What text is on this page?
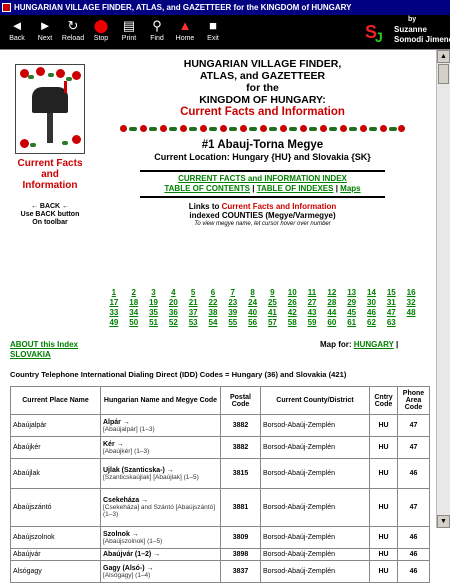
HUNGARIAN VILLAGE FINDER, ATLAS, and GAZETTEER for the KINGDOM of HUNGARY
◄
Back
►
Next
↻
Reload
⬤
Stop
▤
Print
⚲
Find
▲
Home
■
Exit	S
J
by
Suzanne
Somodi Jimenez
Current Facts
and
Information
← BACK ←
Use BACK button
On toolbar
HUNGARIAN VILLAGE FINDER,
ATLAS, and GAZETTEER
for the
KINGDOM OF HUNGARY:
Current Facts and Information
#1 Abauj-Torna Megye
Current Location: Hungary {HU} and Slovakia {SK}
CURRENT FACTS and INFORMATION INDEX
TABLE OF CONTENTS | TABLE OF INDEXES | Maps
Links to Current Facts and Information
indexed COUNTIES (Megye/Varmegye)
To view megye name, let cursor hover over number
1	2	3	4	5	6	7	8	9	10	11	12	13	14	15	16
17	18	19	20	21	22	23	24	25	26	27	28	29	30	31	32
33	34	35	36	37	38	39	40	41	42	43	44	45	46	47	48
49	50	51	52	53	54	55	56	57	58	59	60	61	62	63
ABOUT this Index
SLOVAKIA
Map for: HUNGARY |
Country Telephone International Dialing Direct (IDD) Codes = Hungary (36) and Slovakia (421)
Current Place Name	Hungarian Name and Megye Code	Postal Code	Current County/District	Cntry Code	Phone Area Code
Abaújalpár	Alpár →
[Abaújalpár] (1–3)	3882	Borsod-Abaúj-Zemplén	HU	47
Abaújkér	Kér →
[Abaújkér] (1–3)	3882	Borsod-Abaúj-Zemplén	HU	47
Abaújlak	Ujlak (Szanticska-) →
[Szanticskaújlak] [Abaújlak] (1–5)	3815	Borsod-Abaúj-Zemplén	HU	46
Abaújszántó	Csekeháza →
[Csekeháza] and Szántó [Abaújszántó] (1–3)	3881	Borsod-Abaúj-Zemplén	HU	47
Abaújszolnok	Szolnok →
[Abaújszolnok] (1–5)	3809	Borsod-Abaúj-Zemplén	HU	46
Abaújvár	Abaújvár (1–2) →	3898	Borsod-Abaúj-Zemplén	HU	46
Alsógagy	Gagy (Alsó-) →
[Alsógagy] (1–4)	3837	Borsod-Abaúj-Zemplén	HU	46
▲
▼
